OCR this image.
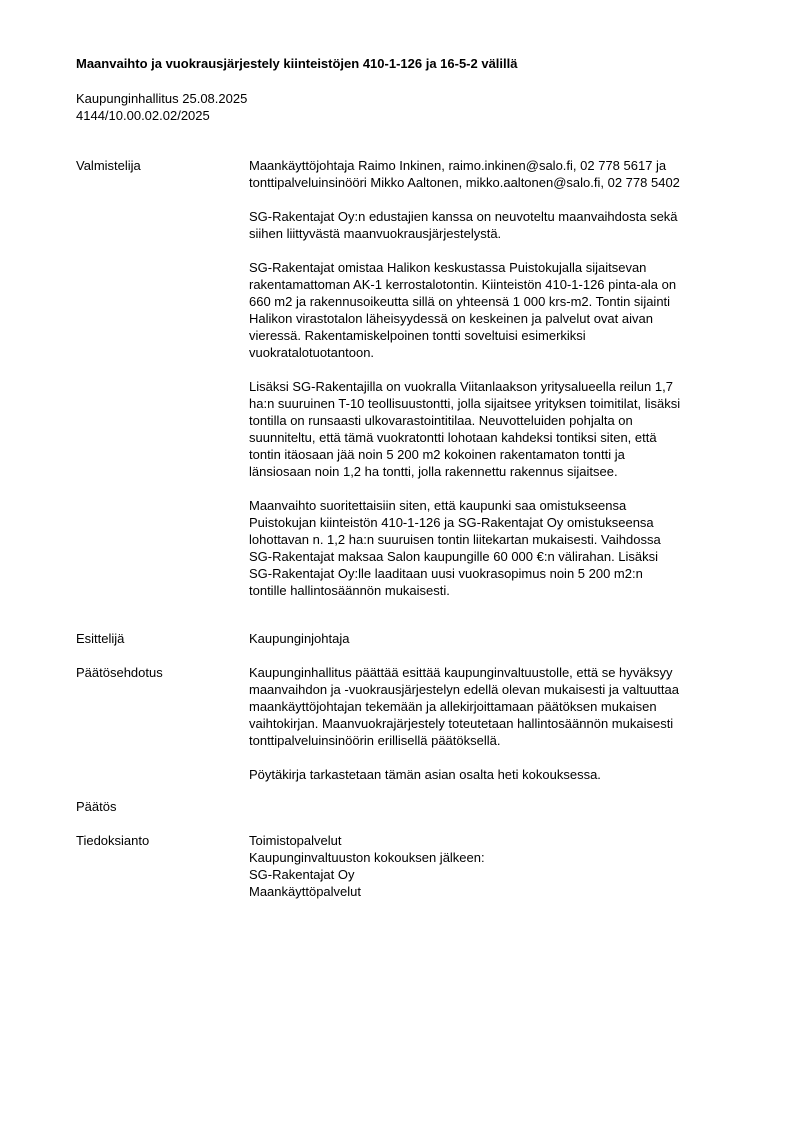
Maanvaihto ja vuokrausjärjestely kiinteistöjen 410-1-126 ja 16-5-2 välillä
Kaupunginhallitus 25.08.2025
4144/10.00.02.02/2025
Valmistelija	Maankäyttöjohtaja Raimo Inkinen, raimo.inkinen@salo.fi, 02 778 5617 ja
tonttipalveluinsinööri Mikko Aaltonen, mikko.aaltonen@salo.fi, 02 778 5402

SG-Rakentajat Oy:n edustajien kanssa on neuvoteltu maanvaihdosta sekä
siihen liittyvästä maanvuokrausjärjestelystä.

SG-Rakentajat omistaa Halikon keskustassa Puistokujalla sijaitsevan
rakentamattoman AK-1 kerrostalotontin. Kiinteistön 410-1-126 pinta-ala on
660 m2 ja rakennusoikeutta sillä on yhteensä 1 000 krs-m2. Tontin sijainti
Halikon virastotalon läheisyydessä on keskeinen ja palvelut ovat aivan
vieressä. Rakentamiskelpoinen tontti soveltuisi esimerkiksi
vuokratalotuotantoon.

Lisäksi SG-Rakentajilla on vuokralla Viitanlaakson yritysalueella reilun 1,7
ha:n suuruinen T-10 teollisuustontti, jolla sijaitsee yrityksen toimitilat, lisäksi
tontilla on runsaasti ulkovarastointitilaa. Neuvotteluiden pohjalta on
suunniteltu, että tämä vuokratontti lohotaan kahdeksi tontiksi siten, että
tontin itäosaan jää noin 5 200 m2 kokoinen rakentamaton tontti ja
länsiosaan noin 1,2 ha tontti, jolla rakennettu rakennus sijaitsee.

Maanvaihto suoritettaisiin siten, että kaupunki saa omistukseensa
Puistokujan kiinteistön 410-1-126 ja SG-Rakentajat Oy omistukseensa
lohottavan n. 1,2 ha:n suuruisen tontin liitekartan mukaisesti. Vaihdossa
SG-Rakentajat maksaa Salon kaupungille 60 000 €:n välirahan. Lisäksi
SG-Rakentajat Oy:lle laaditaan uusi vuokrasopimus noin 5 200 m2:n
tontille hallintosäännön mukaisesti.

Esittelijä	Kaupunginjohtaja
Päätösehdotus	Kaupunginhallitus päättää esittää kaupunginvaltuustolle, että se hyväksyy
maanvaihdon ja -vuokrausjärjestelyn edellä olevan mukaisesti ja valtuuttaa
maankäyttöjohtajan tekemään ja allekirjoittamaan päätöksen mukaisen
vaihtokirjan. Maanvuokrajärjestely toteutetaan hallintosäännön mukaisesti
tonttipalveluinsinöörin erillisellä päätöksellä.

Pöytäkirja tarkastetaan tämän asian osalta heti kokouksessa.

Päätös
Tiedoksianto	Toimistopalvelut
Kaupunginvaltuuston kokouksen jälkeen:
SG-Rakentajat Oy
Maankäyttöpalvelut
